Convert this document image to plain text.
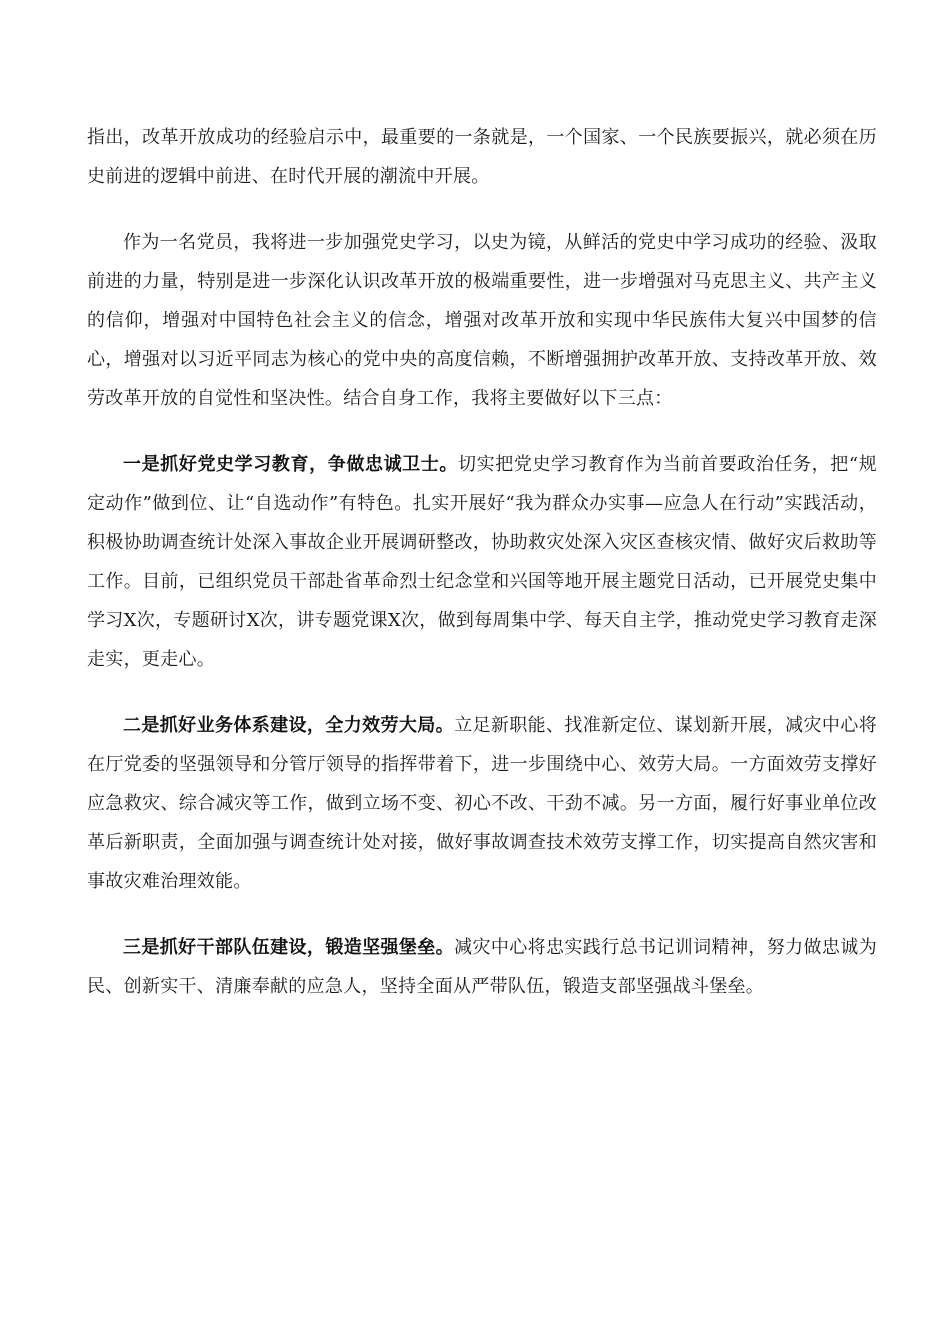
指出，改革开放成功的经验启示中，最重要的一条就是，一个国家、一个民族要振兴，就必须在历史前进的逻辑中前进、在时代开展的潮流中开展。

作为一名党员，我将进一步加强党史学习，以史为镜，从鲜活的党史中学习成功的经验、汲取前进的力量，特别是进一步深化认识改革开放的极端重要性，进一步增强对马克思主义、共产主义的信仰，增强对中国特色社会主义的信念，增强对改革开放和实现中华民族伟大复兴中国梦的信心，增强对以习近平同志为核心的党中央的高度信赖，不断增强拥护改革开放、支持改革开放、效劳改革开放的自觉性和坚决性。结合自身工作，我将主要做好以下三点：

一是抓好党史学习教育，争做忠诚卫士。切实把党史学习教育作为当前首要政治任务，把“规定动作”做到位、让“自选动作”有特色。扎实开展好“我为群众办实事—应急人在行动”实践活动，积极协助调查统计处深入事故企业开展调研整改，协助救灾处深入灾区查核灾情、做好灾后救助等工作。目前，已组织党员干部赴省革命烈士纪念堂和兴国等地开展主题党日活动，已开展党史集中学习X次，专题研讨X次，讲专题党课X次，做到每周集中学、每天自主学，推动党史学习教育走深走实，更走心。

二是抓好业务体系建设，全力效劳大局。立足新职能、找准新定位、谋划新开展，减灾中心将在厅党委的坚强领导和分管厅领导的指挥带着下，进一步围绕中心、效劳大局。一方面效劳支撑好应急救灾、综合减灾等工作，做到立场不变、初心不改、干劲不减。另一方面，履行好事业单位改革后新职责，全面加强与调查统计处对接，做好事故调查技术效劳支撑工作，切实提高自然灾害和事故灾难治理效能。

三是抓好干部队伍建设，锻造坚强堡垒。减灾中心将忠实践行总书记训词精神，努力做忠诚为民、创新实干、清廉奉献的应急人，坚持全面从严带队伍，锻造支部坚强战斗堡垒。
